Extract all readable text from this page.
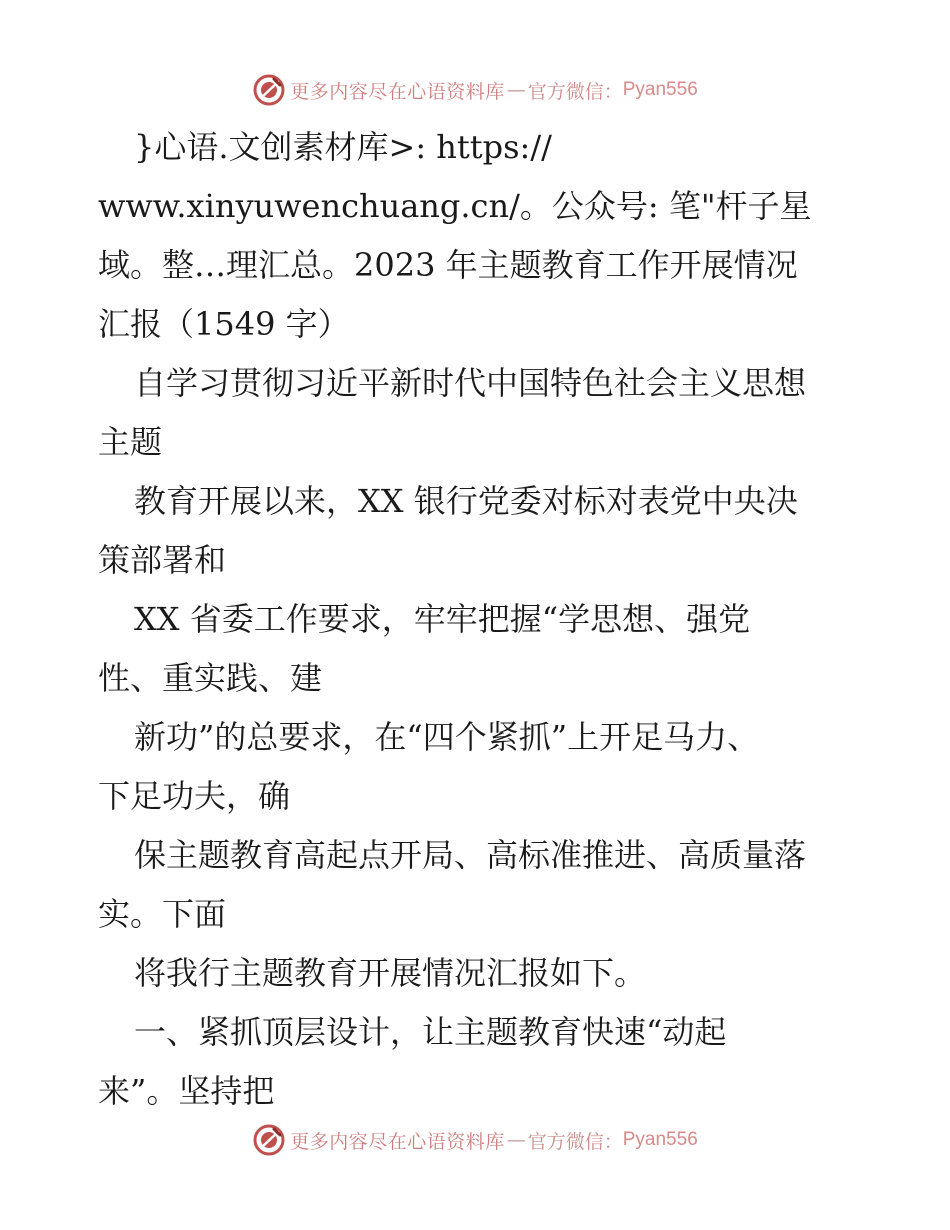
更多内容尽在心语资料库 — 官方微信： Pyan556
}心语.文创素材库>: https://
www.xinyuwenchuang.cn/。公众号: 笔"杆子星
域。整…理汇总。2023 年主题教育工作开展情况
汇报（1549 字）
自学习贯彻习近平新时代中国特色社会主义思想
主题
教育开展以来，XX 银行党委对标对表党中央决
策部署和
XX 省委工作要求，牢牢把握“学思想、强党
性、重实践、建
新功”的总要求，在“四个紧抓”上开足马力、
下足功夫，确
保主题教育高起点开局、高标准推进、高质量落
实。下面
将我行主题教育开展情况汇报如下。
一、紧抓顶层设计，让主题教育快速“动起
来”。坚持把
更多内容尽在心语资料库 — 官方微信： Pyan556
